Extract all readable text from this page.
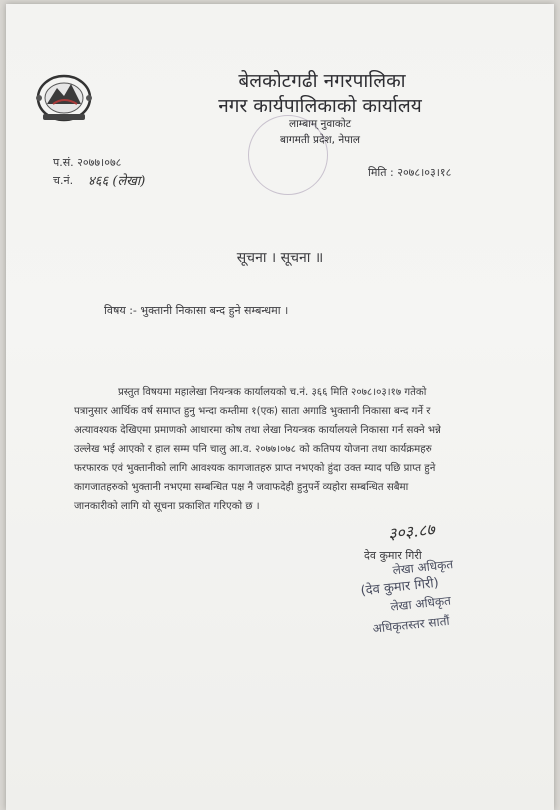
बेलकोटगढी नगरपालिका
नगर कार्यपालिकाको कार्यालय
लाम्बाम्‌ नुवाकोट
बागमती प्रदेश, नेपाल
प.सं. २०७७।०७८
च.नं. ४६६ (लेखा)
मिति : २०७८।०३।१८
सूचना । सूचना ॥
विषय :- भुक्तानी निकासा बन्द हुने सम्बन्धमा ।

प्रस्तुत विषयमा महालेखा नियन्त्रक कार्यालयको च.नं. ३६६ मिति २०७८।०३।१७ गतेको

पत्रानुसार आर्थिक वर्ष समाप्त हुनु भन्दा कम्तीमा १(एक) साता अगाडि भुक्तानी निकासा बन्द गर्ने र

अत्यावश्यक देखिएमा प्रमाणको आधारमा कोष तथा लेखा नियन्त्रक कार्यालयले निकासा गर्न सक्ने भन्ने

उल्लेख भई आएको र हाल सम्म पनि चालु आ.व. २०७७।०७८ को कतिपय योजना तथा कार्यक्रमहरु

फरफारक एवं भुक्तानीको लागि आवश्यक कागजातहरु प्राप्त नभएको हुंदा उक्त म्याद पछि प्राप्त हुने

कागजातहरुको भुक्तानी नभएमा सम्बन्धित पक्ष नै जवाफदेही हुनुपर्ने व्यहोरा सम्बन्धित सबैमा

जानकारीको लागि यो सूचना प्रकाशित गरिएको छ ।

३०३.८७
देव कुमार गिरी
लेखा अधिकृत
(देव कुमार गिरी)
लेखा अधिकृत
अधिकृतस्तर सातौं
